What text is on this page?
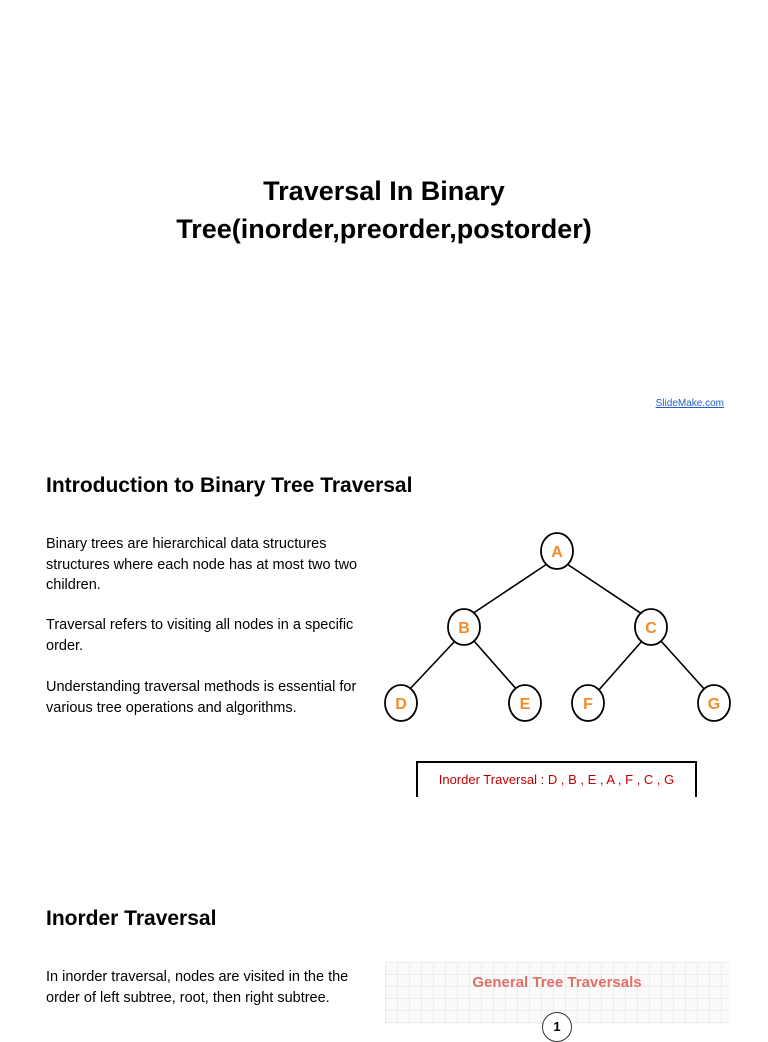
Traversal In Binary
Tree(inorder,preorder,postorder)
SlideMake.com
Introduction to Binary Tree Traversal

Binary trees are hierarchical data structures structures where each node has at most two two children.

Traversal refers to visiting all nodes in a specific order.

Understanding traversal methods is essential for various tree operations and algorithms.

A
B	C
D	E	F	G
Inorder Traversal : D , B , E , A , F , C , G
Inorder Traversal

In inorder traversal, nodes are visited in the the order of left subtree, root, then right subtree.

General Tree Traversals
1
